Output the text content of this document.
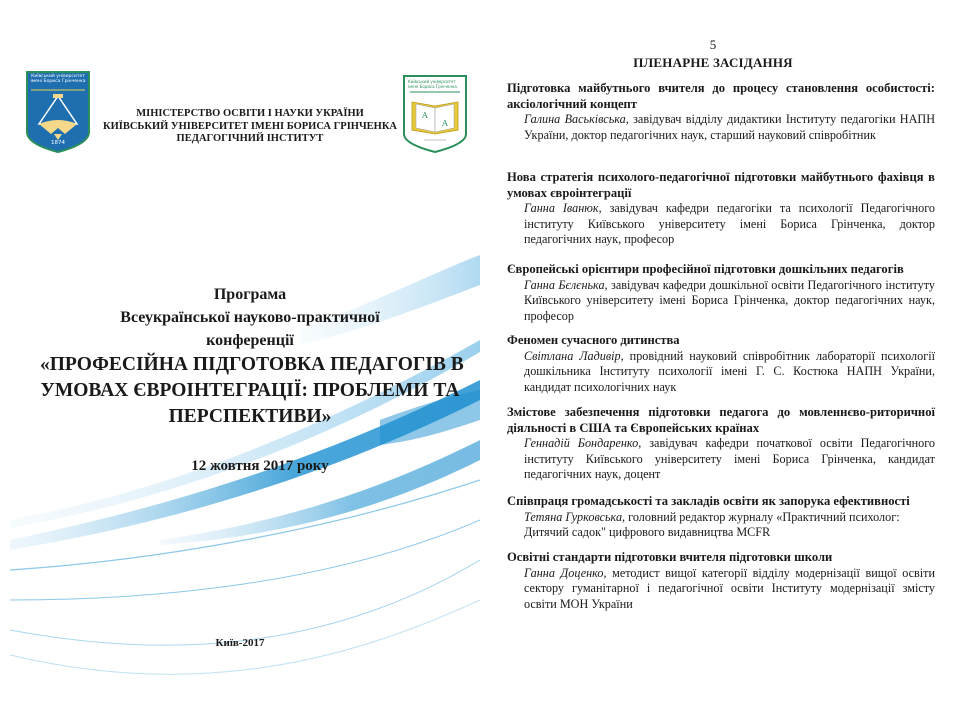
Київський університет імені Бориса Грінченка
1874
МІНІСТЕРСТВО ОСВІТИ І НАУКИ УКРАЇНИ
КИЇВСЬКИЙ УНІВЕРСИТЕТ ІМЕНІ БОРИСА ГРІНЧЕНКА
ПЕДАГОГІЧНИЙ ІНСТИТУТ
A
A
Київський університет імені Бориса Грінченка
Програма
Всеукраїнської науково-практичної
конференції
«ПРОФЕСІЙНА ПІДГОТОВКА ПЕДАГОГІВ В
УМОВАХ ЄВРОІНТЕГРАЦІЇ: ПРОБЛЕМИ ТА
ПЕРСПЕКТИВИ»
12 жовтня 2017 року
Київ-2017
5
ПЛЕНАРНЕ ЗАСІДАННЯ
Підготовка майбутнього вчителя до процесу становлення особистості: аксіологічний концепт
Галина Васьківська, завідувач відділу дидактики Інституту педагогіки НАПН України, доктор педагогічних наук, старший науковий співробітник
Нова стратегія психолого-педагогічної підготовки майбутнього фахівця в умовах євроінтеграції
Ганна Іванюк, завідувач кафедри педагогіки та психології Педагогічного інституту Київського університету імені Бориса Грінченка, доктор педагогічних наук, професор
Європейські орієнтири професійної підготовки дошкільних педагогів
Ганна Бєлєнька, завідувач кафедри дошкільної освіти Педагогічного інституту Київського університету імені Бориса Грінченка, доктор педагогічних наук, професор
Феномен сучасного дитинства
Світлана Ладивір, провідний науковий співробітник лабораторії психології дошкільника Інституту психології імені Г. С. Костюка НАПН України, кандидат психологічних наук
Змістове забезпечення підготовки педагога до мовленнєво-риторичної діяльності в США та Європейських країнах
Геннадій Бондаренко, завідувач кафедри початкової освіти Педагогічного інституту Київського університету імені Бориса Грінченка, кандидат педагогічних наук, доцент
Співпраця громадськості та закладів освіти як запорука ефективності
Тетяна Гурковська, головний редактор журналу «Практичний психолог: Дитячий садок" цифрового видавництва MCFR
Освітні стандарти підготовки вчителя підготовки школи
Ганна Доценко, методист вищої категорії відділу модернізації вищої освіти сектору гуманітарної і педагогічної освіти Інституту модернізації змісту освіти МОН України
